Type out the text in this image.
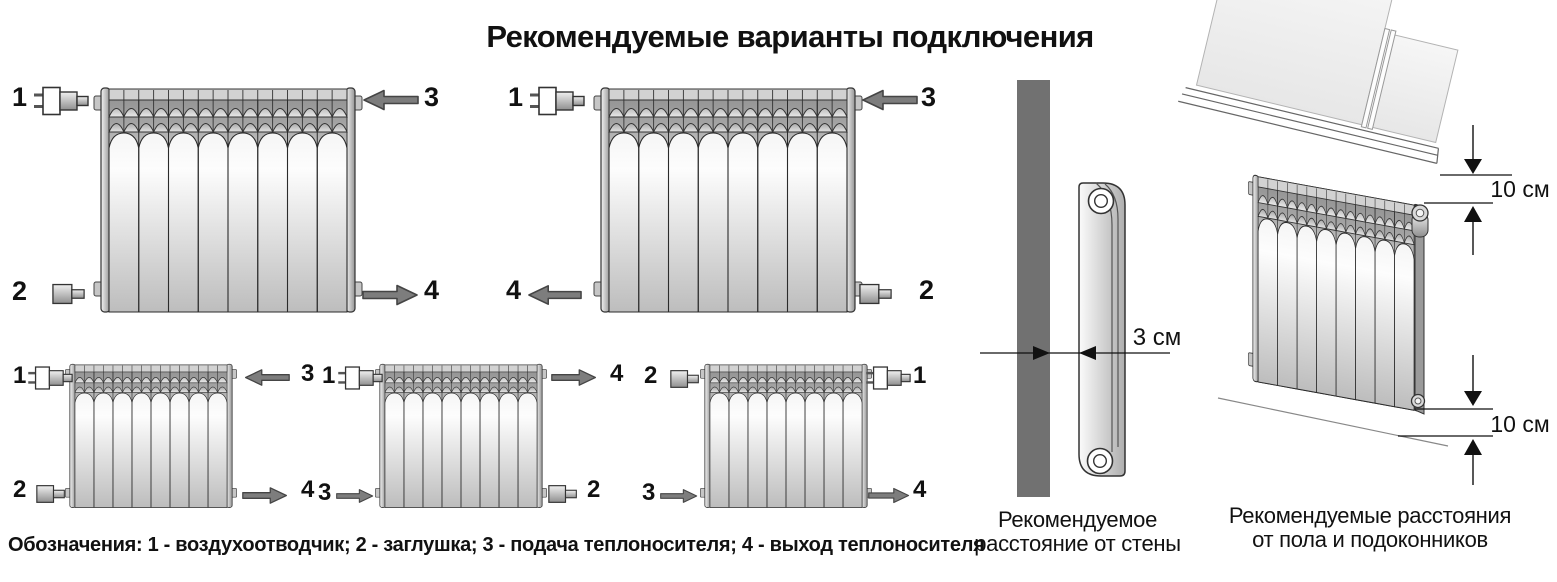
Рекомендуемые варианты подключения
1	3
2	4
1	3
4	2
1	3
2	4
1	4
3	2
2	1
3	4
Обозначения: 1 - воздухоотводчик; 2 - заглушка; 3 - подача теплоносителя; 4 - выход теплоносителя
3 см
Рекомендуемое
расстояние от стены
10 см
10 см
Рекомендуемые расстояния
от пола и подоконников
